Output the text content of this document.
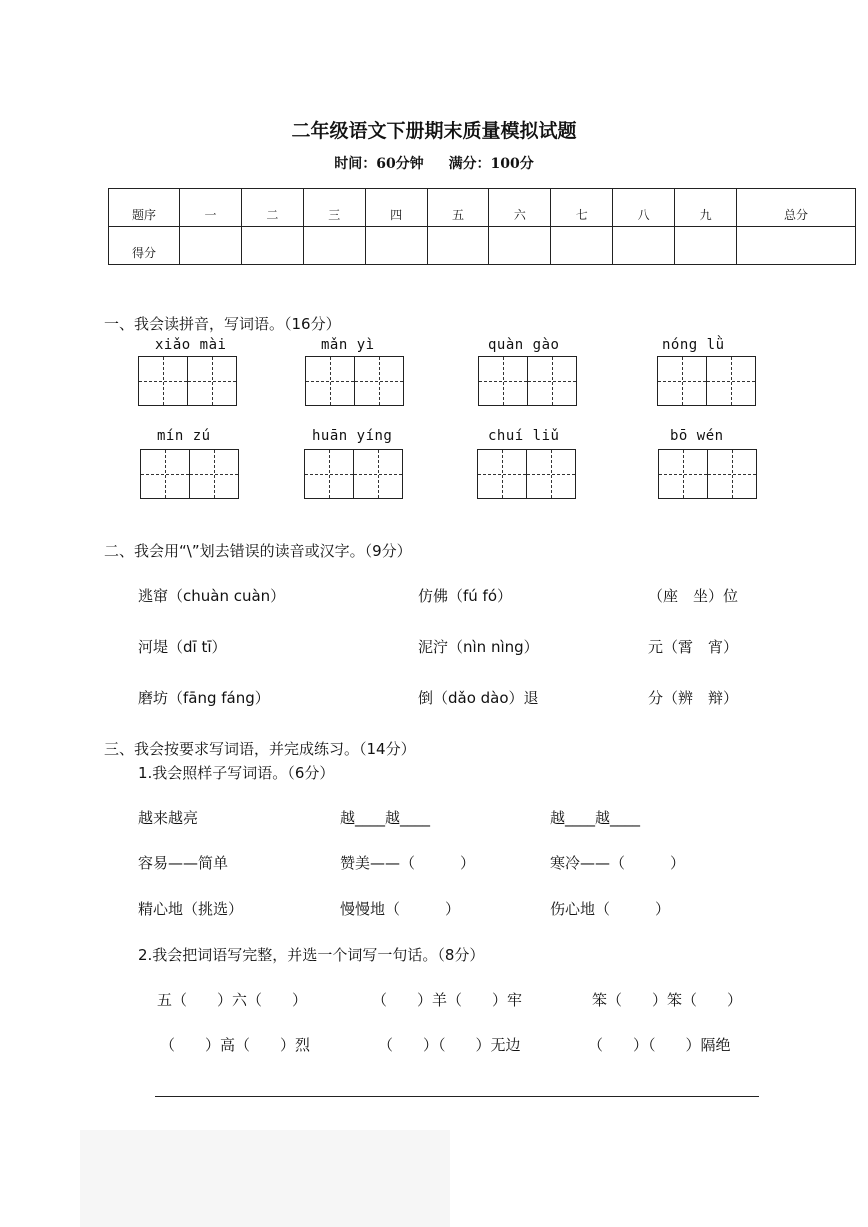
二年级语文下册期末质量模拟试题
时间：60分钟 满分：100分
题序	一	二	三	四	五	六	七	八	九	总分
得分										
一、我会读拼音，写词语。（16分）
xiǎo mài	mǎn yì	quàn gào	nóng lǜ
mín zú	huān yíng	chuí liǔ	bō wén
二、我会用“\”划去错误的读音或汉字。（9分）
逃窜（chuàn cuàn）	仿佛（fú fó）	（座　坐）位
河堤（dī tī）	泥泞（nìn nìng）	元（霄　宵）
磨坊（fāng fáng）	倒（dǎo dào）退	分（辨　辩）
三、我会按要求写词语，并完成练习。（14分）
1.我会照样子写词语。（6分）
越来越亮	越____越____	越____越____
容易——简单	赞美——（　　　）	寒冷——（　　　）
精心地（挑选）	慢慢地（　　　）	伤心地（　　　）
2.我会把词语写完整，并选一个词写一句话。（8分）
五（　　）六（　　）	（　　）羊（　　）牢	笨（　　）笨（　　）
（　　）高（　　）烈	（　　）（　　）无边	（　　）（　　）隔绝
